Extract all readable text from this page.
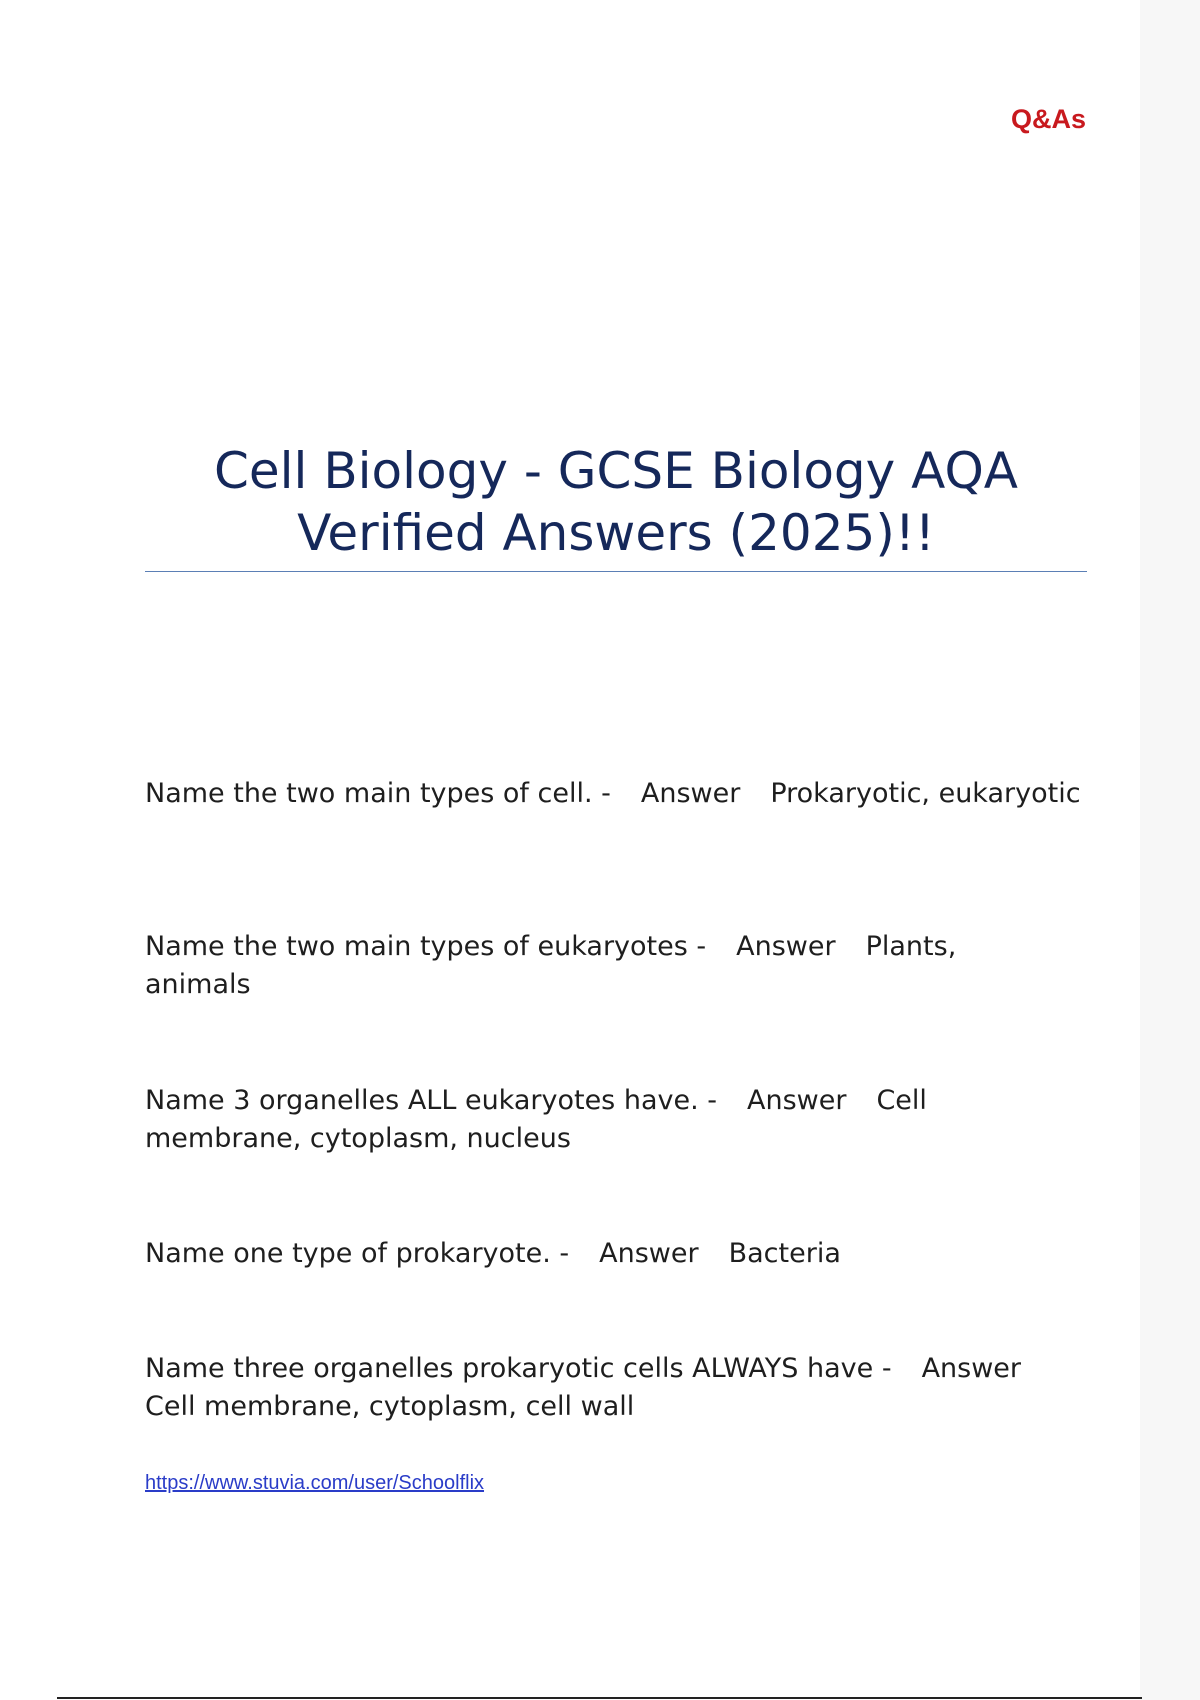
Q&As
Cell Biology - GCSE Biology AQA
Verified Answers (2025)!!
Name the two main types of cell. - Answer Prokaryotic, eukaryotic
Name the two main types of eukaryotes - Answer Plants, animals
Name 3 organelles ALL eukaryotes have. - Answer Cell membrane, cytoplasm, nucleus
Name one type of prokaryote. - Answer Bacteria
Name three organelles prokaryotic cells ALWAYS have - AnswerCell membrane, cytoplasm, cell wall
https://www.stuvia.com/user/Schoolflix
